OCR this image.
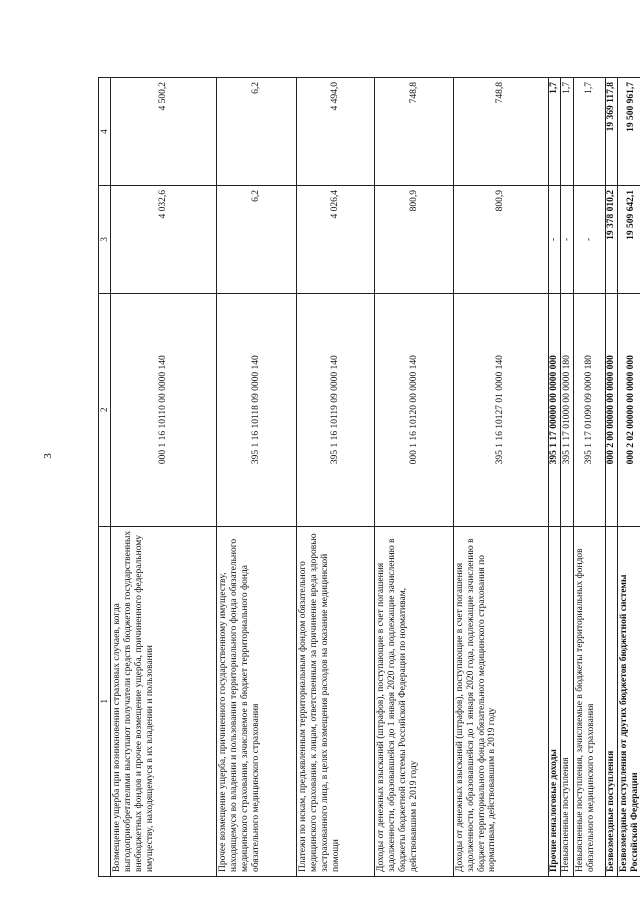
3
1	2	3	4
Возмещение ущерба при возникновении страховых случаев, когда выгодоприобретателями выступают получатели средств бюджетов государственных внебюджетных фондов и прочее возмещение ущерба, причиненного федеральному имуществу, находящемуся в их владении и пользовании	000 1 16 10110 00 0000 140	4 032,6	4 500,2
Прочее возмещение ущерба, причиненного государственному имуществу, находящемуся во владении и пользовании территориального фонда обязательного медицинского страхования, зачисляемое в бюджет территориального фонда обязательного медицинского страхования	395 1 16 10118 09 0000 140	6,2	6,2
Платежи по искам, предъявленным территориальным фондом обязательного медицинского страхования, к лицам, ответственным за причинение вреда здоровью застрахованного лица, в целях возмещения расходов на оказание медицинской помощи	395 1 16 10119 09 0000 140	4 026,4	4 494,0
Доходы от денежных взысканий (штрафов), поступающие в счет погашения задолженности, образовавшейся до 1 января 2020 года, подлежащие зачислению в бюджеты бюджетной системы Российской Федерации по нормативам, действовавшим в 2019 году	000 1 16 10120 00 0000 140	800,9	748,8
Доходы от денежных взысканий (штрафов), поступающие в счет погашения задолженности, образовавшейся до 1 января 2020 года, подлежащие зачислению в бюджет территориального фонда обязательного медицинского страхования по нормативам, действовавшим в 2019 году	395 1 16 10127 01 0000 140	800,9	748,8
Прочие неналоговые доходы	395 1 17 00000 00 0000 000	-	1,7
Невыясненные поступления	395 1 17 01000 00 0000 180	-	1,7
Невыясненные поступления, зачисляемые в бюджеты территориальных фондов обязательного медицинского страхования	395 1 17 01090 09 0000 180	-	1,7
Безвозмездные поступления	000 2 00 00000 00 0000 000	19 378 010,2	19 369 117,8
Безвозмездные поступления от других бюджетов бюджетной системы Российской Федерации	000 2 02 00000 00 0000 000	19 509 642,1	19 500 961,7
